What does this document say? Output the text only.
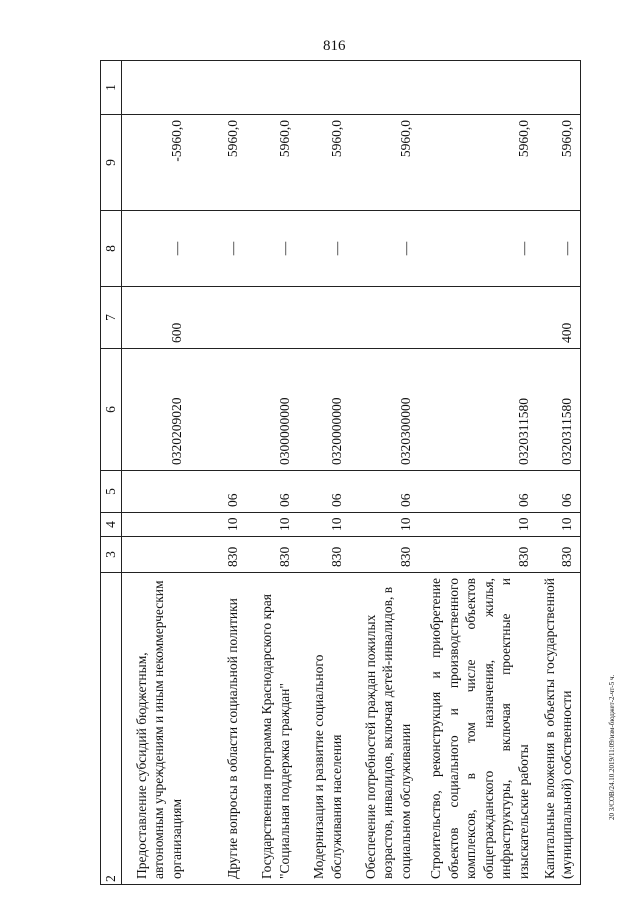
816
20 3/СОВ/24.10.2019/11:09/изм-бюджет-2-чт-5 ч.
2	3	4	5	6	7	8	9	1
Предоставление субсидий бюджетным, автономным учреждениям и иным некоммерческим организациям				0320209020	600	—	-5960,0	
Другие вопросы в области социальной политики	830	10	06			—	5960,0	
Государственная программа Краснодарского края "Социальная поддержка граждан"	830	10	06	0300000000		—	5960,0	
Модернизация и развитие социального обслуживания населения	830	10	06	0320000000		—	5960,0	
Обеспечение потребностей граждан пожилых возрастов, инвалидов, включая детей-инвалидов, в социальном обслуживании	830	10	06	0320300000		—	5960,0	
Строительство, реконструкция и приобретение объектов социального и производственного комплексов, в том числе объектов общегражданского назначения, жилья, инфраструктуры, включая проектные и изыскательские работы	830	10	06	0320311580		—	5960,0	
Капитальные вложения в объекты государственной (муниципальной) собственности	830	10	06	0320311580	400	—	5960,0	
